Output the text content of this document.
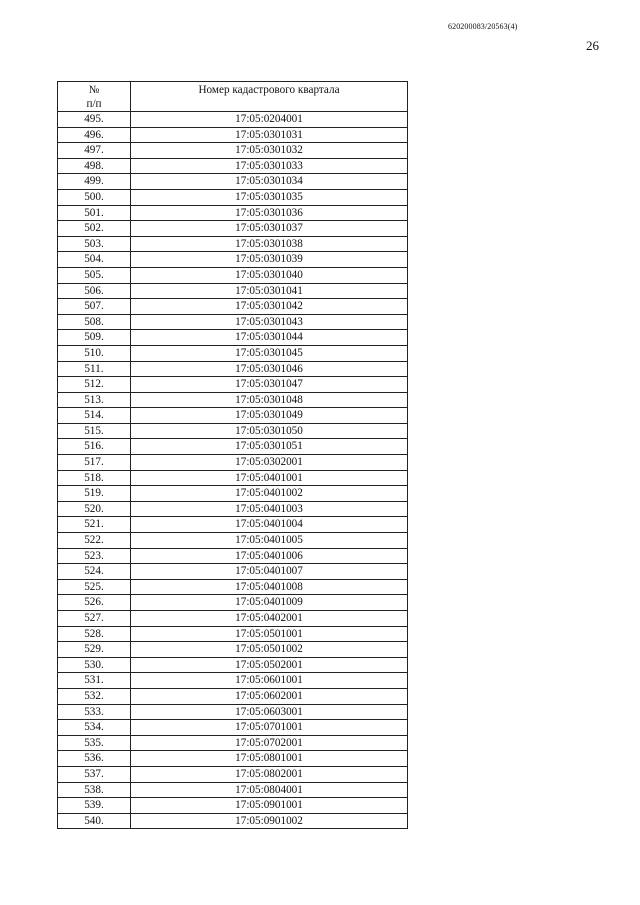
620200083/20563(4)
26
№
п/п	Номер кадастрового квартала
495.	17:05:0204001
496.	17:05:0301031
497.	17:05:0301032
498.	17:05:0301033
499.	17:05:0301034
500.	17:05:0301035
501.	17:05:0301036
502.	17:05:0301037
503.	17:05:0301038
504.	17:05:0301039
505.	17:05:0301040
506.	17:05:0301041
507.	17:05:0301042
508.	17:05:0301043
509.	17:05:0301044
510.	17:05:0301045
511.	17:05:0301046
512.	17:05:0301047
513.	17:05:0301048
514.	17:05:0301049
515.	17:05:0301050
516.	17:05:0301051
517.	17:05:0302001
518.	17:05:0401001
519.	17:05:0401002
520.	17:05:0401003
521.	17:05:0401004
522.	17:05:0401005
523.	17:05:0401006
524.	17:05:0401007
525.	17:05:0401008
526.	17:05:0401009
527.	17:05:0402001
528.	17:05:0501001
529.	17:05:0501002
530.	17:05:0502001
531.	17:05:0601001
532.	17:05:0602001
533.	17:05:0603001
534.	17:05:0701001
535.	17:05:0702001
536.	17:05:0801001
537.	17:05:0802001
538.	17:05:0804001
539.	17:05:0901001
540.	17:05:0901002
